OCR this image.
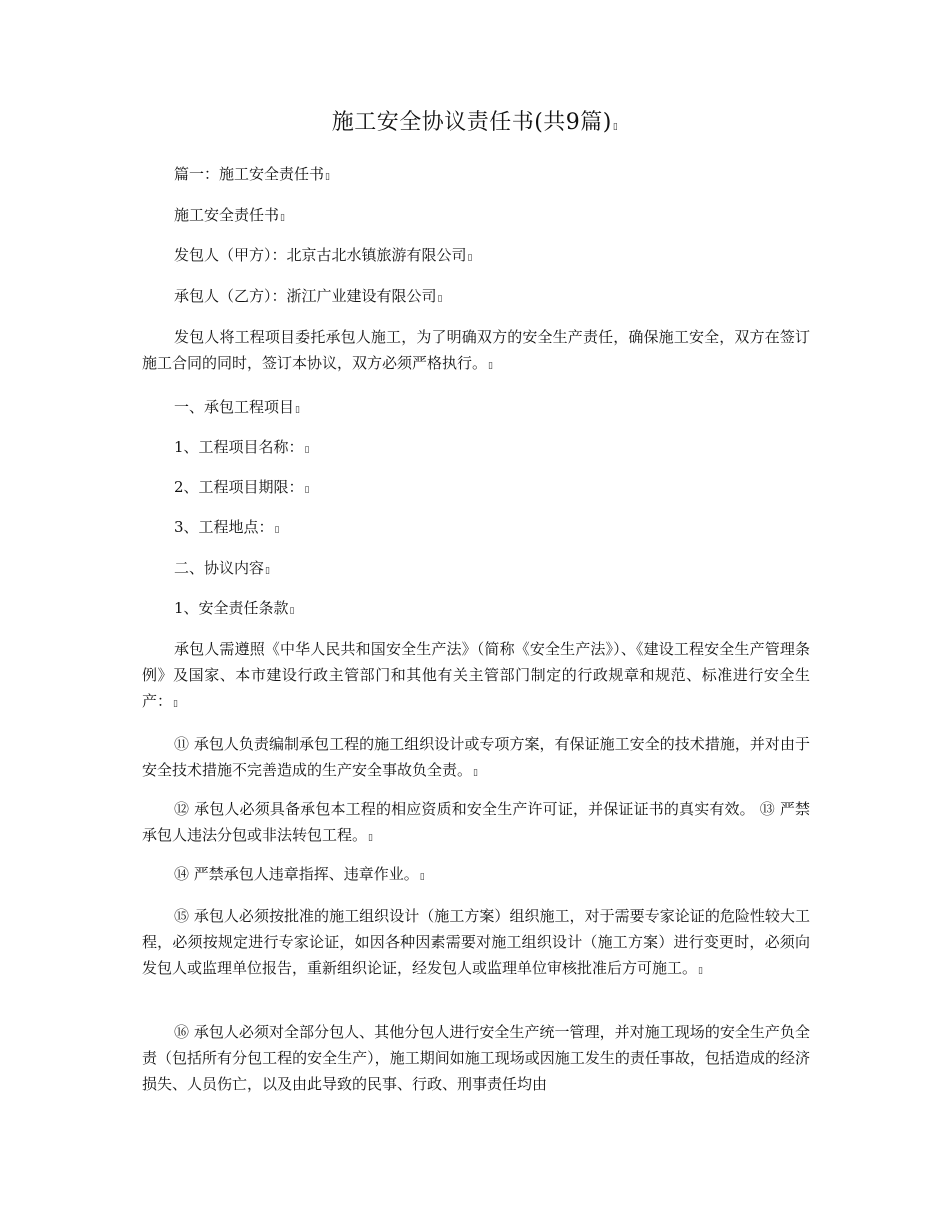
施工安全协议责任书(共9篇)▯
篇一：施工安全责任书▯
施工安全责任书▯
发包人（甲方）：北京古北水镇旅游有限公司▯
承包人（乙方）：浙江广业建设有限公司▯
发包人将工程项目委托承包人施工，为了明确双方的安全生产责任，确保施工安全，双方在签订施工合同的同时，签订本协议，双方必须严格执行。▯
一、承包工程项目▯
1、工程项目名称：▯
2、工程项目期限：▯
3、工程地点：▯
二、协议内容▯
1、安全责任条款▯
承包人需遵照《中华人民共和国安全生产法》（简称《安全生产法》）、《建设工程安全生产管理条例》及国家、本市建设行政主管部门和其他有关主管部门制定的行政规章和规范、标准进行安全生产：▯
⑪ 承包人负责编制承包工程的施工组织设计或专项方案，有保证施工安全的技术措施，并对由于安全技术措施不完善造成的生产安全事故负全责。▯
⑫ 承包人必须具备承包本工程的相应资质和安全生产许可证，并保证证书的真实有效。 ⑬ 严禁承包人违法分包或非法转包工程。▯
⑭ 严禁承包人违章指挥、违章作业。▯
⑮ 承包人必须按批准的施工组织设计（施工方案）组织施工，对于需要专家论证的危险性较大工程，必须按规定进行专家论证，如因各种因素需要对施工组织设计（施工方案）进行变更时，必须向发包人或监理单位报告，重新组织论证，经发包人或监理单位审核批准后方可施工。▯
⑯ 承包人必须对全部分包人、其他分包人进行安全生产统一管理，并对施工现场的安全生产负全责（包括所有分包工程的安全生产），施工期间如施工现场或因施工发生的责任事故，包括造成的经济损失、人员伤亡，以及由此导致的民事、行政、刑事责任均由
